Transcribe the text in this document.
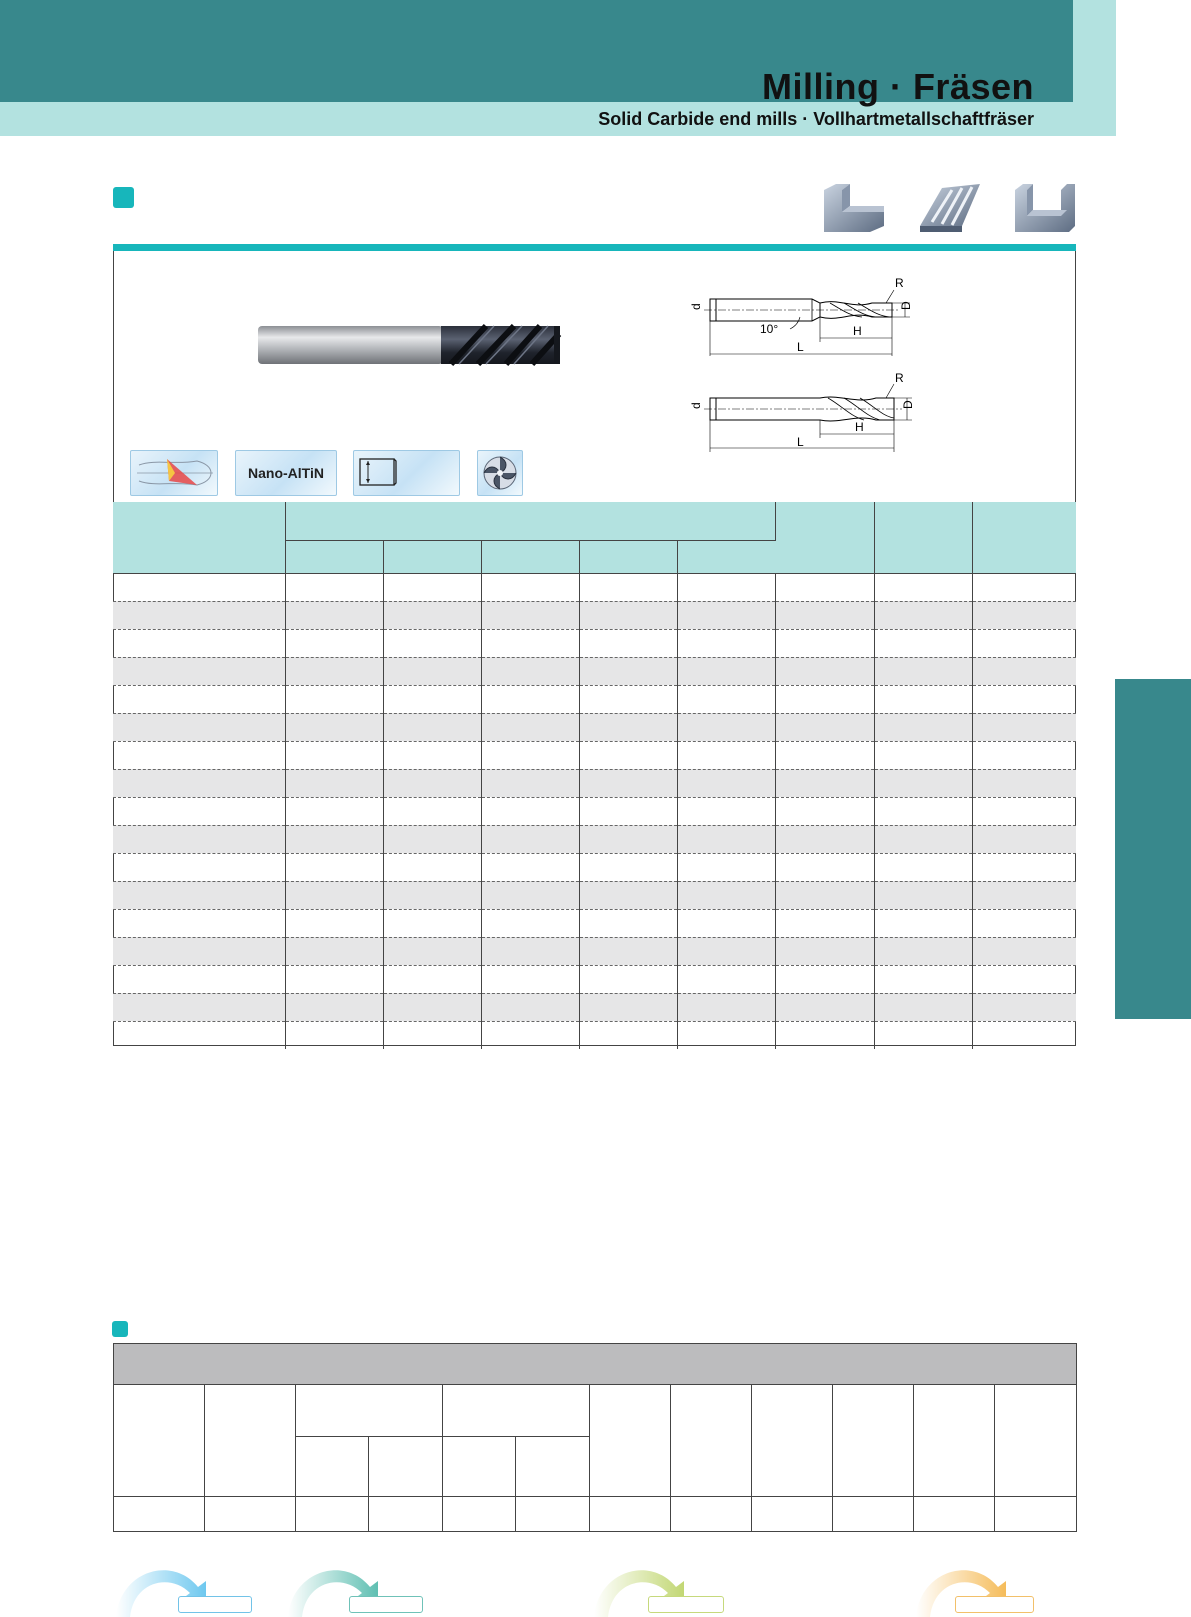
Milling · Fräsen
Solid Carbide end mills · Vollhartmetallschaftfräser
d	D
R
H
L
10°
d	D
R
H
L
Nano-AlTiN
